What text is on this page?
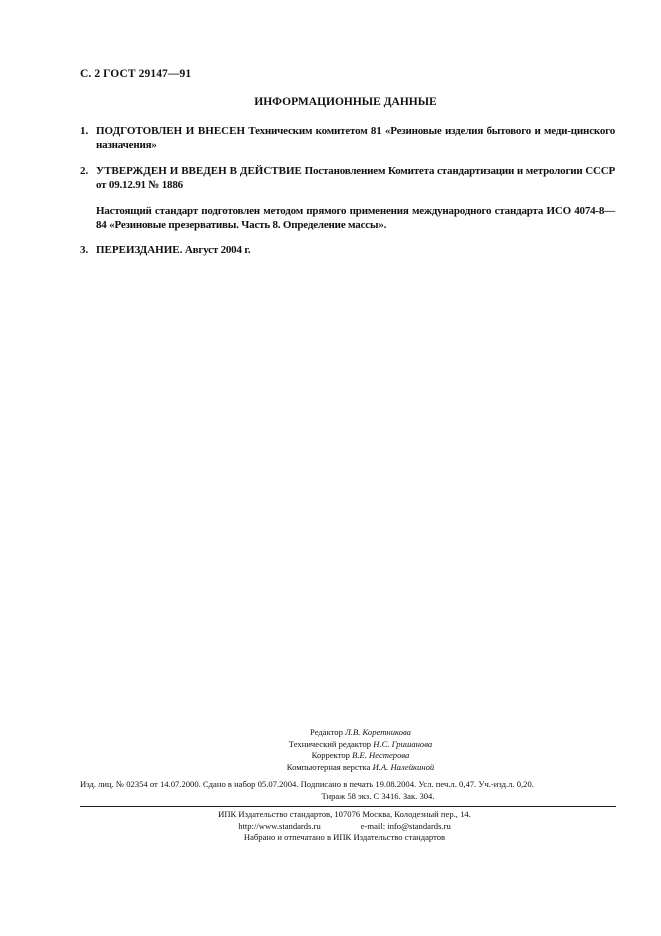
С. 2 ГОСТ 29147—91
ИНФОРМАЦИОННЫЕ ДАННЫЕ
1. ПОДГОТОВЛЕН И ВНЕСЕН Техническим комитетом 81 «Резиновые изделия бытового и меди-цинского назначения»
2. УТВЕРЖДЕН И ВВЕДЕН В ДЕЙСТВИЕ Постановлением Комитета стандартизации и метрологии СССР от 09.12.91 № 1886
Настоящий стандарт подготовлен методом прямого применения международного стандарта ИСО 4074-8—84 «Резиновые презервативы. Часть 8. Определение массы».
3. ПЕРЕИЗДАНИЕ. Август 2004 г.
Редактор Л.В. Коретникова
Технический редактор Н.С. Гришанова
Корректор В.Е. Нестерова
Компьютерная верстка И.А. Налейкиной
Изд. лиц. № 02354 от 14.07.2000. Сдано в набор 05.07.2004. Подписано в печать 19.08.2004. Усл. печ.л. 0,47. Уч.-изд.л. 0,20.
Тираж 58 экз. С 3416. Зак. 304.
ИПК Издательство стандартов, 107076 Москва, Колодезный пер., 14.
http://www.standards.ru	e-mail: info@standards.ru
Набрано и отпечатано в ИПК Издательство стандартов
